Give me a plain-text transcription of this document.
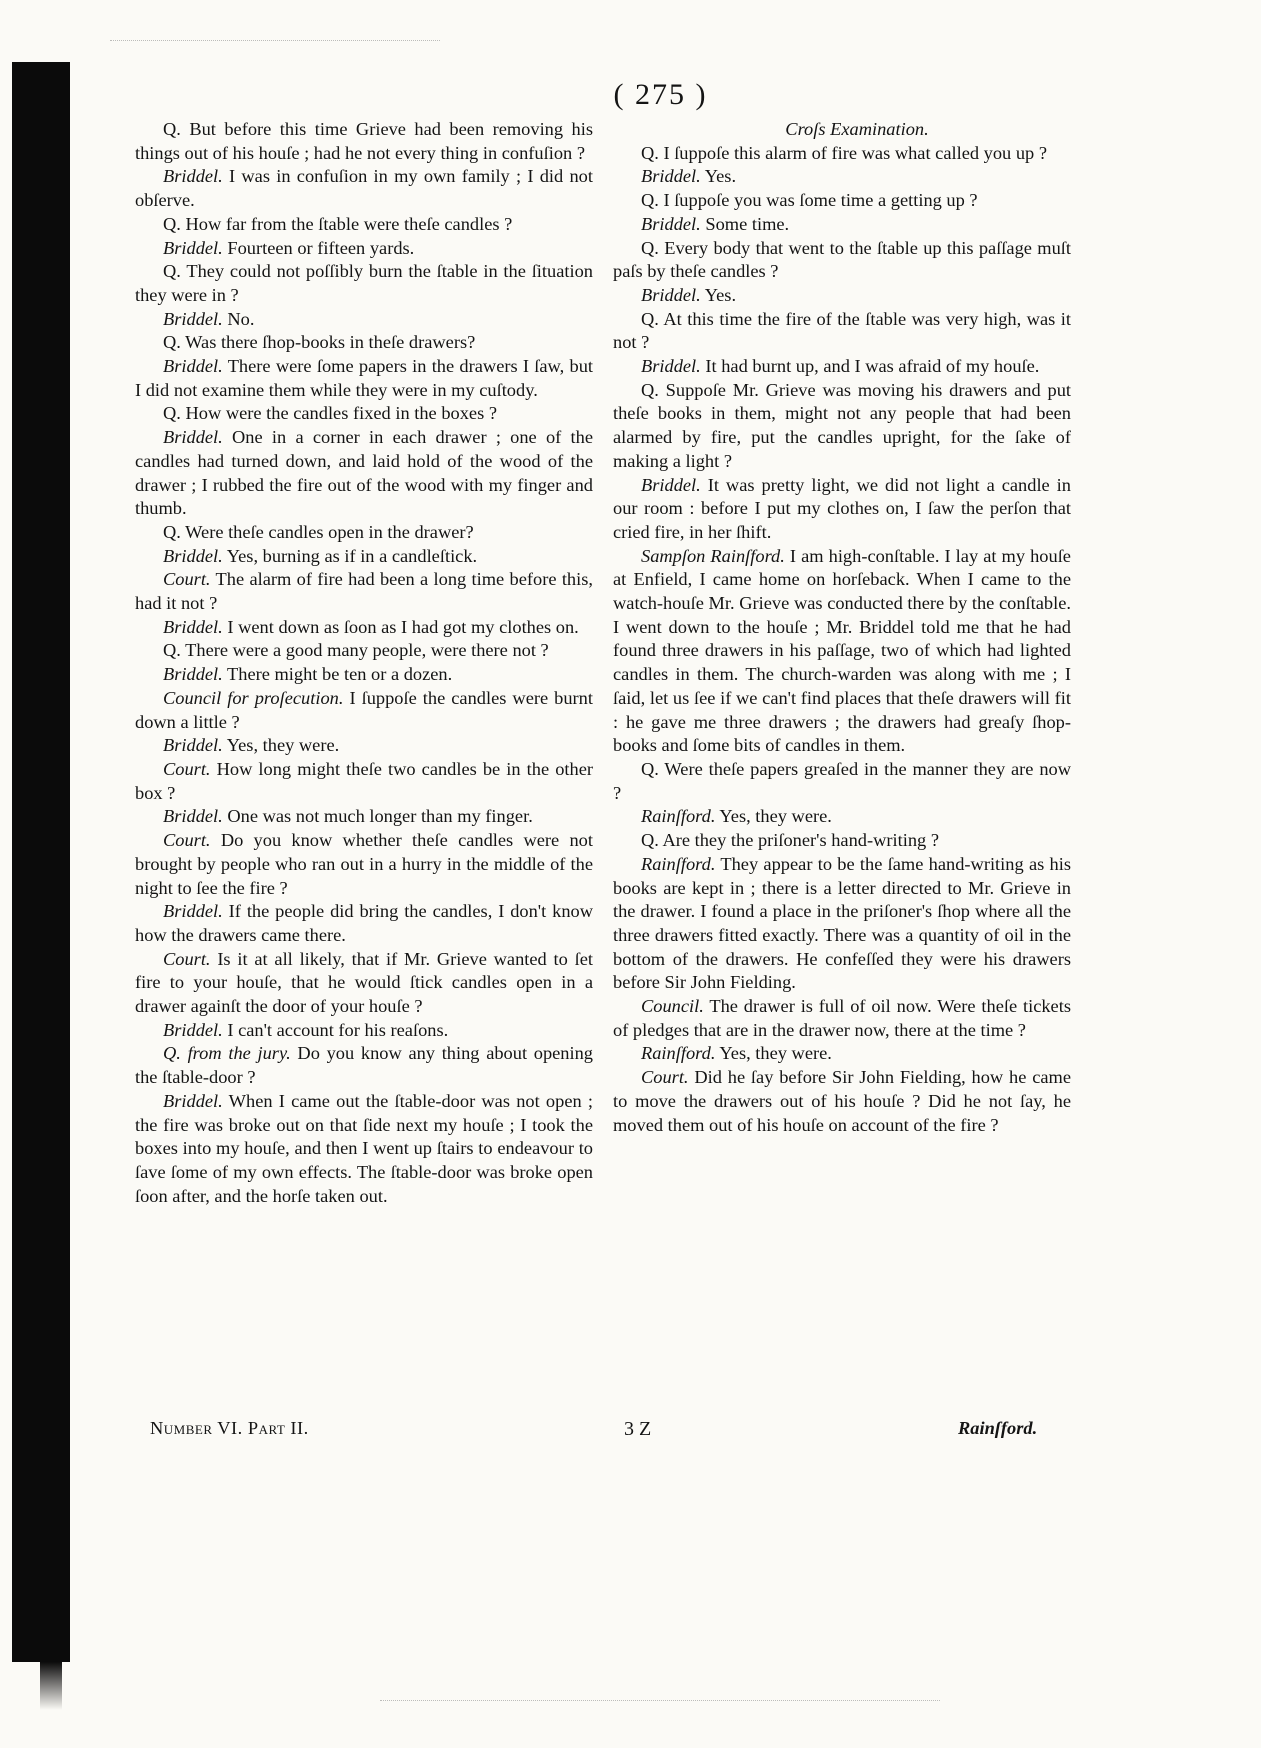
( 275 )

Q. But before this time Grieve had been removing his things out of his houſe ; had he not every thing in confuſion ?

Briddel. I was in confuſion in my own family ; I did not obſerve.

Q. How far from the ſtable were theſe candles ?

Briddel. Fourteen or fifteen yards.

Q. They could not poſſibly burn the ſtable in the ſituation they were in ?

Briddel. No.

Q. Was there ſhop-books in theſe drawers?

Briddel. There were ſome papers in the drawers I ſaw, but I did not examine them while they were in my cuſtody.

Q. How were the candles fixed in the boxes ?

Briddel. One in a corner in each drawer ; one of the candles had turned down, and laid hold of the wood of the drawer ; I rubbed the fire out of the wood with my finger and thumb.

Q. Were theſe candles open in the drawer?

Briddel. Yes, burning as if in a candleſtick.

Court. The alarm of fire had been a long time before this, had it not ?

Briddel. I went down as ſoon as I had got my clothes on.

Q. There were a good many people, were there not ?

Briddel. There might be ten or a dozen.

Council for proſecution. I ſuppoſe the candles were burnt down a little ?

Briddel. Yes, they were.

Court. How long might theſe two candles be in the other box ?

Briddel. One was not much longer than my finger.

Court. Do you know whether theſe candles were not brought by people who ran out in a hurry in the middle of the night to ſee the fire ?

Briddel. If the people did bring the candles, I don't know how the drawers came there.

Court. Is it at all likely, that if Mr. Grieve wanted to ſet fire to your houſe, that he would ſtick candles open in a drawer againſt the door of your houſe ?

Briddel. I can't account for his reaſons.

Q. from the jury. Do you know any thing about opening the ſtable-door ?

Briddel. When I came out the ſtable-door was not open ; the fire was broke out on that ſide next my houſe ; I took the boxes into my houſe, and then I went up ſtairs to endeavour to ſave ſome of my own effects. The ſtable-door was broke open ſoon after, and the horſe taken out.

Croſs Examination.

Q. I ſuppoſe this alarm of fire was what called you up ?

Briddel. Yes.

Q. I ſuppoſe you was ſome time a getting up ?

Briddel. Some time.

Q. Every body that went to the ſtable up this paſſage muſt paſs by theſe candles ?

Briddel. Yes.

Q. At this time the fire of the ſtable was very high, was it not ?

Briddel. It had burnt up, and I was afraid of my houſe.

Q. Suppoſe Mr. Grieve was moving his drawers and put theſe books in them, might not any people that had been alarmed by fire, put the candles upright, for the ſake of making a light ?

Briddel. It was pretty light, we did not light a candle in our room : before I put my clothes on, I ſaw the perſon that cried fire, in her ſhift.

Sampſon Rainſford. I am high-conſtable. I lay at my houſe at Enfield, I came home on horſeback. When I came to the watch-houſe Mr. Grieve was conducted there by the conſtable. I went down to the houſe ; Mr. Briddel told me that he had found three drawers in his paſſage, two of which had lighted candles in them. The church-warden was along with me ; I ſaid, let us ſee if we can't find places that theſe drawers will fit : he gave me three drawers ; the drawers had greaſy ſhop-books and ſome bits of candles in them.

Q. Were theſe papers greaſed in the manner they are now ?

Rainſford. Yes, they were.

Q. Are they the priſoner's hand-writing ?

Rainſford. They appear to be the ſame hand-writing as his books are kept in ; there is a letter directed to Mr. Grieve in the drawer. I found a place in the priſoner's ſhop where all the three drawers fitted exactly. There was a quantity of oil in the bottom of the drawers. He confeſſed they were his drawers before Sir John Fielding.

Council. The drawer is full of oil now. Were theſe tickets of pledges that are in the drawer now, there at the time ?

Rainſford. Yes, they were.

Court. Did he ſay before Sir John Fielding, how he came to move the drawers out of his houſe ? Did he not ſay, he moved them out of his houſe on account of the fire ?

Number VI. Part II.	3 Z	Rainſford.
